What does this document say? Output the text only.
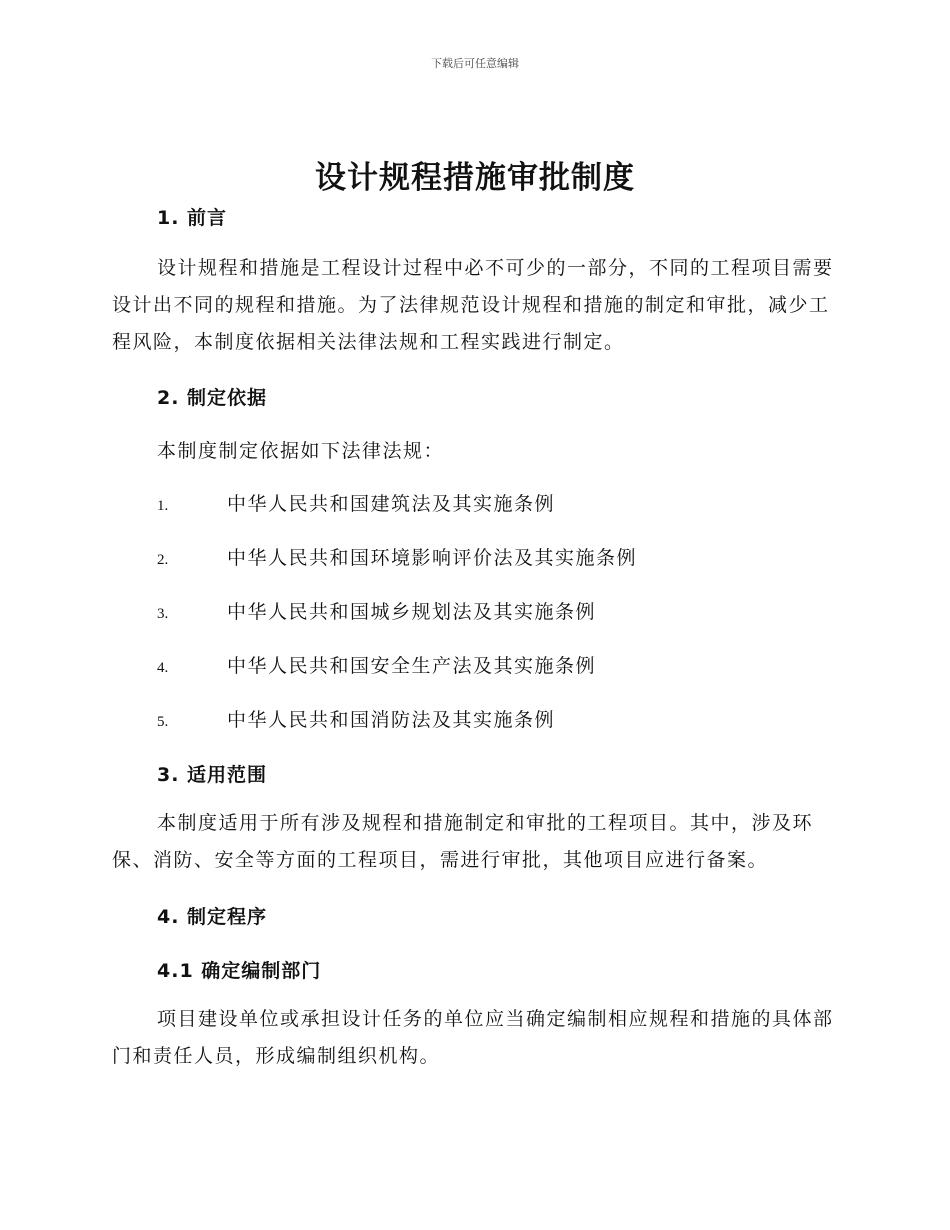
下载后可任意编辑
设计规程措施审批制度
1. 前言

设计规程和措施是工程设计过程中必不可少的一部分，不同的工程项目需要设计出不同的规程和措施。为了法律规范设计规程和措施的制定和审批，减少工程风险，本制度依据相关法律法规和工程实践进行制定。

2. 制定依据
本制度制定依据如下法律法规：
1.	中华人民共和国建筑法及其实施条例
2.	中华人民共和国环境影响评价法及其实施条例
3.	中华人民共和国城乡规划法及其实施条例
4.	中华人民共和国安全生产法及其实施条例
5.	中华人民共和国消防法及其实施条例
3. 适用范围

本制度适用于所有涉及规程和措施制定和审批的工程项目。其中，涉及环保、消防、安全等方面的工程项目，需进行审批，其他项目应进行备案。

4. 制定程序
4.1 确定编制部门

项目建设单位或承担设计任务的单位应当确定编制相应规程和措施的具体部门和责任人员，形成编制组织机构。
